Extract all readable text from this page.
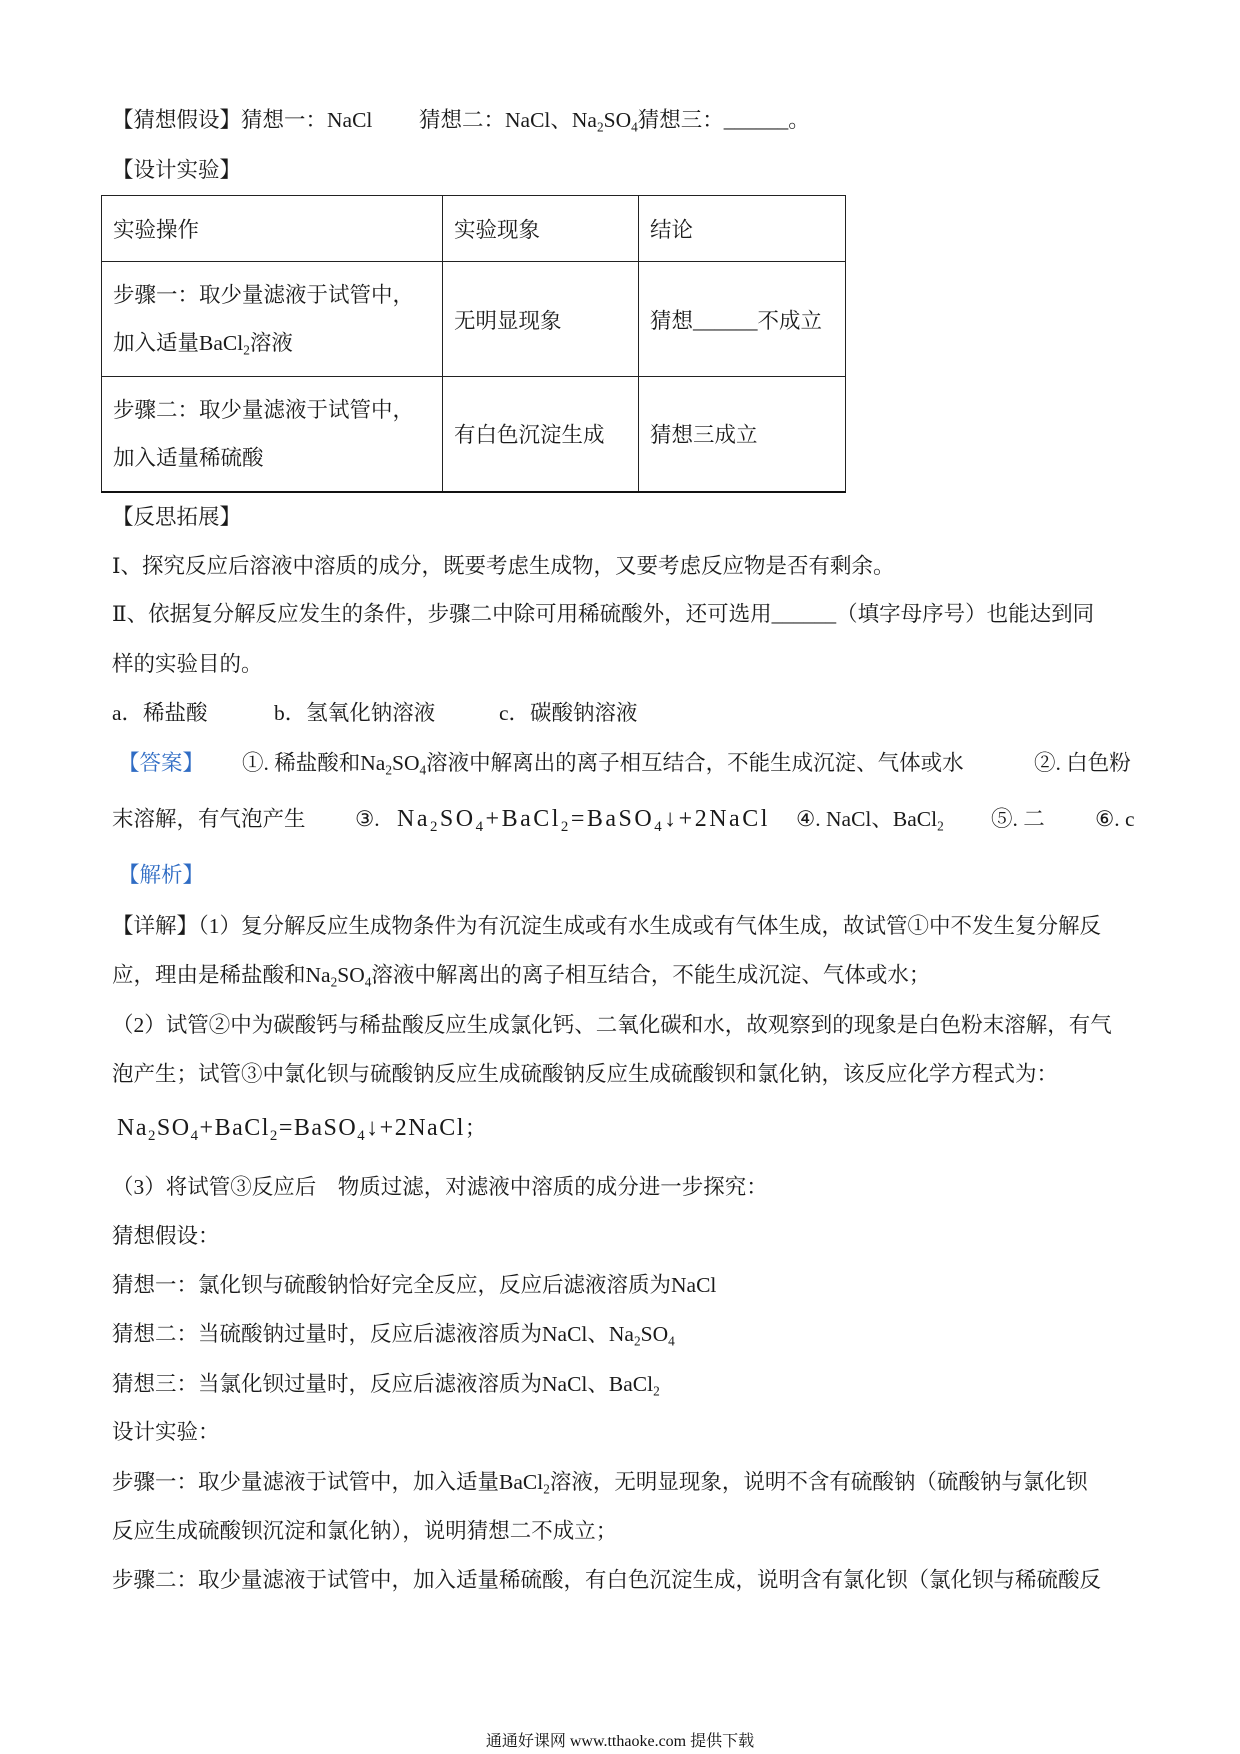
【猜想假设】猜想一：NaCl 猜想二：NaCl、$Na_2SO_4$猜想三：______。
【设计实验】
实验操作	实验现象	结论

步骤一：取少量滤液于试管中，
加入适量BaCl$_2$溶液	无明显现象	猜想______不成立

步骤二：取少量滤液于试管中，
加入适量稀硫酸	有白色沉淀生成	猜想三成立
【反思拓展】
Ⅰ、探究反应后溶液中溶质的成分，既要考虑生成物，又要考虑反应物是否有剩余。
Ⅱ、依据复分解反应发生的条件，步骤二中除可用稀硫酸外，还可选用______（填字母序号）也能达到同
样的实验目的。
a．稀盐酸	b．氢氧化钠溶液	c．碳酸钠溶液
【答案】 ①. 稀盐酸和$Na_2SO_4$溶液中解离出的离子相互结合，不能生成沉淀、气体或水	②. 白色粉
末溶解，有气泡产生 ③. $Na_2SO_4+BaCl_2=BaSO_4↓+2NaCl$ ④. NaCl、BaCl$_2$ ⑤. 二 ⑥. c
【解析】
【详解】（1）复分解反应生成物条件为有沉淀生成或有水生成或有气体生成，故试管①中不发生复分解反
应，理由是稀盐酸和$Na_2SO_4$溶液中解离出的离子相互结合，不能生成沉淀、气体或水；
（2）试管②中为碳酸钙与稀盐酸反应生成氯化钙、二氧化碳和水，故观察到的现象是白色粉末溶解，有气
泡产生；试管③中氯化钡与硫酸钠反应生成硫酸钠反应生成硫酸钡和氯化钠，该反应化学方程式为：
$Na_2SO_4+BaCl_2=BaSO_4↓+2NaCl$；
（3）将试管③反应后　物质过滤，对滤液中溶质的成分进一步探究：
猜想假设：
猜想一：氯化钡与硫酸钠恰好完全反应，反应后滤液溶质为NaCl
猜想二：当硫酸钠过量时，反应后滤液溶质为NaCl、$Na_2SO_4$
猜想三：当氯化钡过量时，反应后滤液溶质为NaCl、BaCl$_2$
设计实验：
步骤一：取少量滤液于试管中，加入适量BaCl$_2$溶液，无明显现象，说明不含有硫酸钠（硫酸钠与氯化钡
反应生成硫酸钡沉淀和氯化钠），说明猜想二不成立；
步骤二：取少量滤液于试管中，加入适量稀硫酸，有白色沉淀生成，说明含有氯化钡（氯化钡与稀硫酸反
通通好课网 www.tthaoke.com 提供下载
